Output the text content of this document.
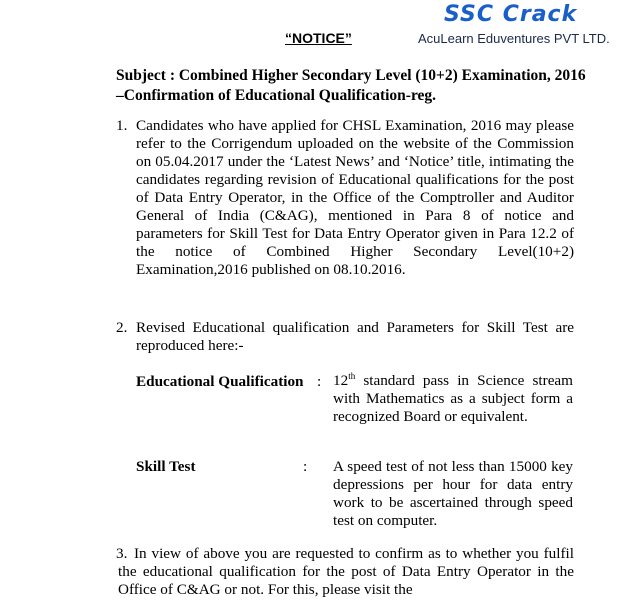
“NOTICE”
SSC Crack
AcuLearn Eduventures PVT LTD.
Subject : Combined Higher Secondary Level (10+2) Examination, 2016 –Confirmation of Educational Qualification-reg.
1. Candidates who have applied for CHSL Examination, 2016 may please refer to the Corrigendum uploaded on the website of the Commission on 05.04.2017 under the ‘Latest News’ and ‘Notice’ title, intimating the candidates regarding revision of Educational qualifications for the post of Data Entry Operator, in the Office of the Comptroller and Auditor General of India (C&AG), mentioned in Para 8 of notice and parameters for Skill Test for Data Entry Operator given in Para 12.2 of the notice of Combined Higher Secondary Level(10+2) Examination,2016 published on 08.10.2016.
2. Revised Educational qualification and Parameters for Skill Test are reproduced here:-
Educational Qualification : 12th standard pass in Science stream with Mathematics as a subject form a recognized Board or equivalent.
Skill Test	: A speed test of not less than 15000 key depressions per hour for data entry work to be ascertained through speed test on computer.
3. In view of above you are requested to confirm as to whether you fulfil the educational qualification for the post of Data Entry Operator in the Office of C&AG or not. For this, please visit the
